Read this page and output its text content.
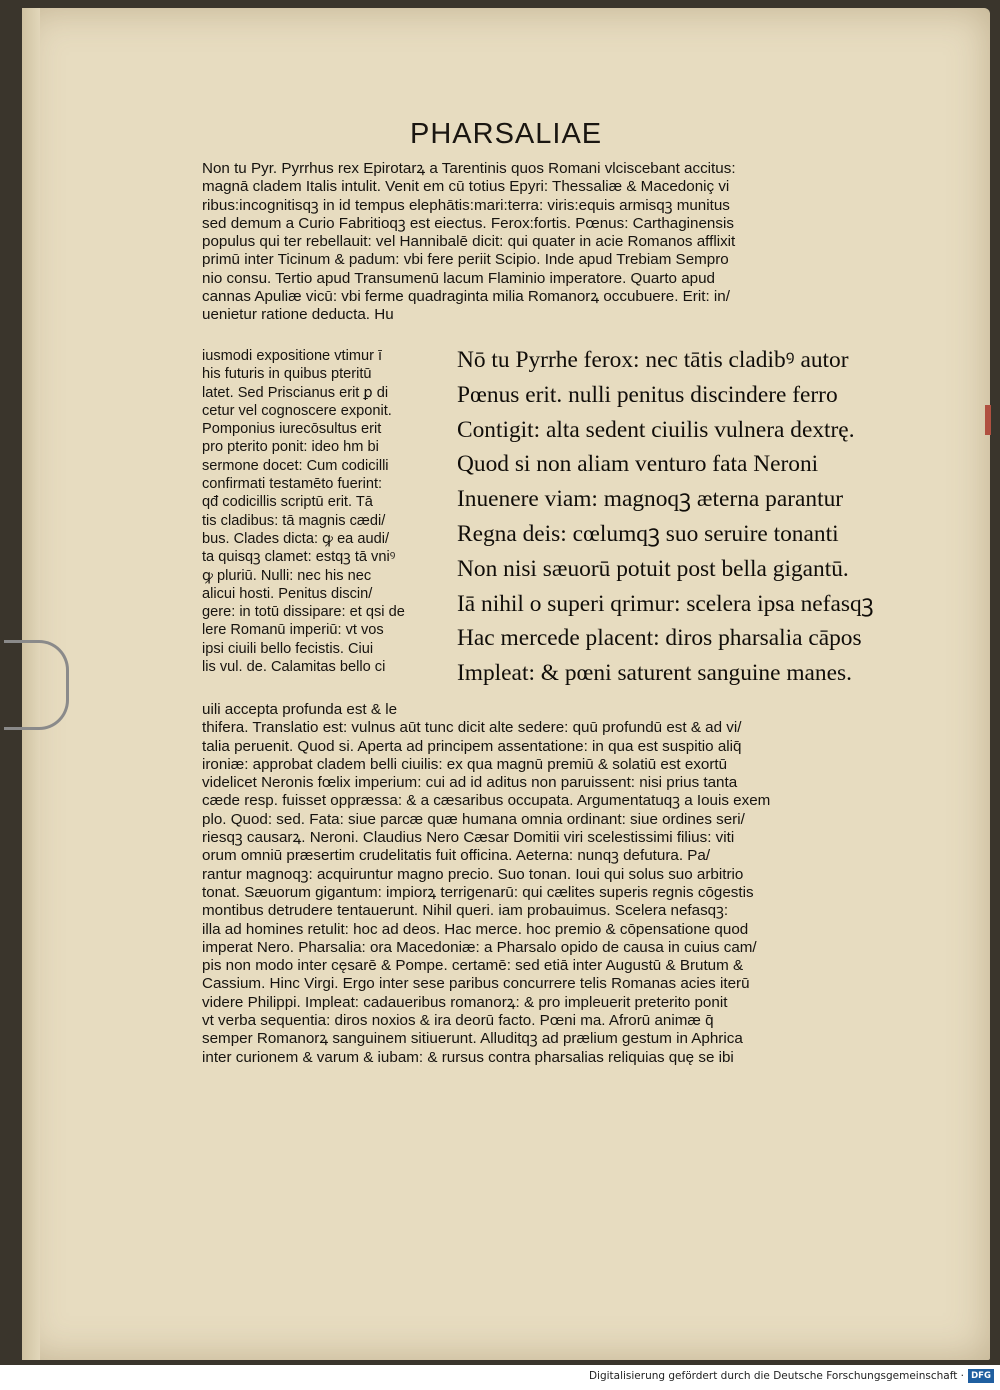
PHARSALIAE
Non tu Pyr. Pyrrhus rex Epirotarꝝ a Tarentinis quos Romani vlciscebant accitus:
magnā cladem Italis intulit. Venit em cū totius Epyri: Thessaliæ & Macedoniç vi
ribus:incognitisqꝫ in id tempus elephātis:mari:terra: viris:equis armisqꝫ munitus
sed demum a Curio Fabritioqꝫ est eiectus. Ferox:fortis. Pœnus: Carthaginensis
populus qui ter rebellauit: vel Hannibalē dicit: qui quater in acie Romanos afflixit
primū inter Ticinum & padum: vbi fere periit Scipio. Inde apud Trebiam Sempro
nio consu. Tertio apud Transumenū lacum Flaminio imperatore. Quarto apud
cannas Apuliæ vicū: vbi ferme quadraginta milia Romanorꝝ occubuere. Erit: in/
uenietur ratione deducta. Hu
iusmodi expositione vtimur ī
his futuris in quibus pteritū
latet. Sed Priscianus erit ꝑ di
cetur vel cognoscere exponit.
Pomponius iurecōsultus erit
pro pterito ponit: ideo hm bi
sermone docet: Cum codicilli
confirmati testamēto fuerint:
qđ codicillis scriptū erit. Tā
tis cladibus: tā magnis cædi/
bus. Clades dicta: ꝙ ea audi/
ta quisqꝫ clamet: estqꝫ tā vniꝰ
ꝙ pluriū. Nulli: nec his nec
alicui hosti. Penitus discin/
gere: in totū dissipare: et qsi de
lere Romanū imperiū: vt vos
ipsi ciuili bello fecistis. Ciui
lis vul. de. Calamitas bello ci
Nō tu Pyrrhe ferox: nec tātis cladibꝰ autor
Pœnus erit. nulli penitus discindere ferro
Contigit: alta sedent ciuilis vulnera dextrę.
Quod si non aliam venturo fata Neroni
Inuenere viam: magnoqꝫ æterna parantur
Regna deis: cœlumqꝫ suo seruire tonanti
Non nisi sæuorū potuit post bella gigantū.
Iā nihil o superi qrimur: scelera ipsa nefasqꝫ
Hac mercede placent: diros pharsalia cāpos
Impleat: & pœni saturent sanguine manes.
uili accepta profunda est & le
thifera. Translatio est: vulnus aūt tunc dicit alte sedere: quū profundū est & ad vi/
talia peruenit. Quod si. Aperta ad principem assentatione: in qua est suspitio aliq̄
ironiæ: approbat cladem belli ciuilis: ex qua magnū premiū & solatiū est exortū
videlicet Neronis fœlix imperium: cui ad id aditus non paruissent: nisi prius tanta
cæde resp. fuisset oppræssa: & a cæsaribus occupata. Argumentatuqꝫ a Iouis exem
plo. Quod: sed. Fata: siue parcæ quæ humana omnia ordinant: siue ordines seri/
riesqꝫ causarꝝ. Neroni. Claudius Nero Cæsar Domitii viri scelestissimi filius: viti
orum omniū præsertim crudelitatis fuit officina. Aeterna: nunqꝫ defutura. Pa/
rantur magnoqꝫ: acquiruntur magno precio. Suo tonan. Ioui qui solus suo arbitrio
tonat. Sæuorum gigantum: impiorꝝ terrigenarū: qui cælites superis regnis cōgestis
montibus detrudere tentauerunt. Nihil queri. iam probauimus. Scelera nefasqꝫ:
illa ad homines retulit: hoc ad deos. Hac merce. hoc premio & cōpensatione quod
imperat Nero. Pharsalia: ora Macedoniæ: a Pharsalo opido de causa in cuius cam/
pis non modo inter cęsarē & Pompe. certamē: sed etiā inter Augustū & Brutum &
Cassium. Hinc Virgi. Ergo inter sese paribus concurrere telis Romanas acies iterū
videre Philippi. Impleat: cadaueribus romanorꝝ: & pro impleuerit preterito ponit
vt verba sequentia: diros noxios & ira deorū facto. Pœni ma. Afrorū animæ q̄
semper Romanorꝝ sanguinem sitiuerunt. Alluditqꝫ ad prælium gestum in Aphrica
inter curionem & varum & iubam: & rursus contra pharsalias reliquias quę se ibi
Digitalisierung gefördert durch die Deutsche Forschungsgemeinschaft · DFG
